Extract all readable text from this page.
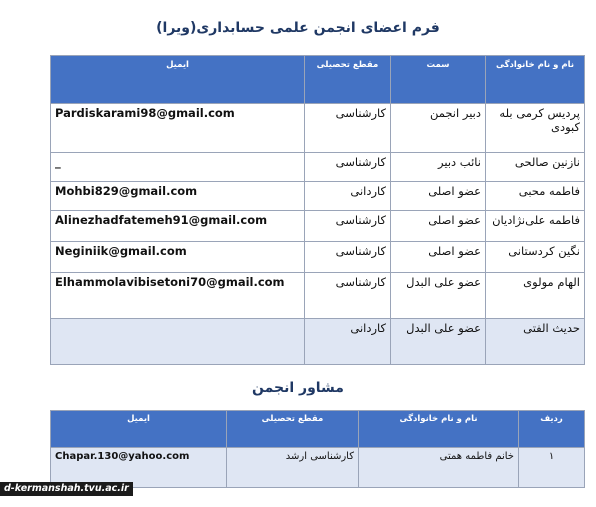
فرم اعضای انجمن علمی حسابداری(ویرا)
ایمیل	مقطع تحصیلی	سمت	نام و نام خانوادگی
Pardiskarami98@gmail.com	کارشناسی	دبیر انجمن	پردیس کرمی بله کبودی
_	کارشناسی	نائب دبیر	نازنین صالحی
Mohbi829@gmail.com	کاردانی	عضو اصلی	فاطمه محبی
Alinezhadfatemeh91@gmail.com	کارشناسی	عضو اصلی	فاطمه علی‌نژادیان
Neginiik@gmail.com	کارشناسی	عضو اصلی	نگین کردستانی
Elhammolavibisetoni70@gmail.com	کارشناسی	عضو علی البدل	الهام مولوی
	کاردانی	عضو علی البدل	حدیث الفتی
مشاور انجمن
ایمیل	مقطع تحصیلی	نام و نام خانوادگی	ردیف
Chapar.130@yahoo.com	کارشناسی ارشد	خانم فاطمه همتی	۱
d-kermanshah.tvu.ac.ir
